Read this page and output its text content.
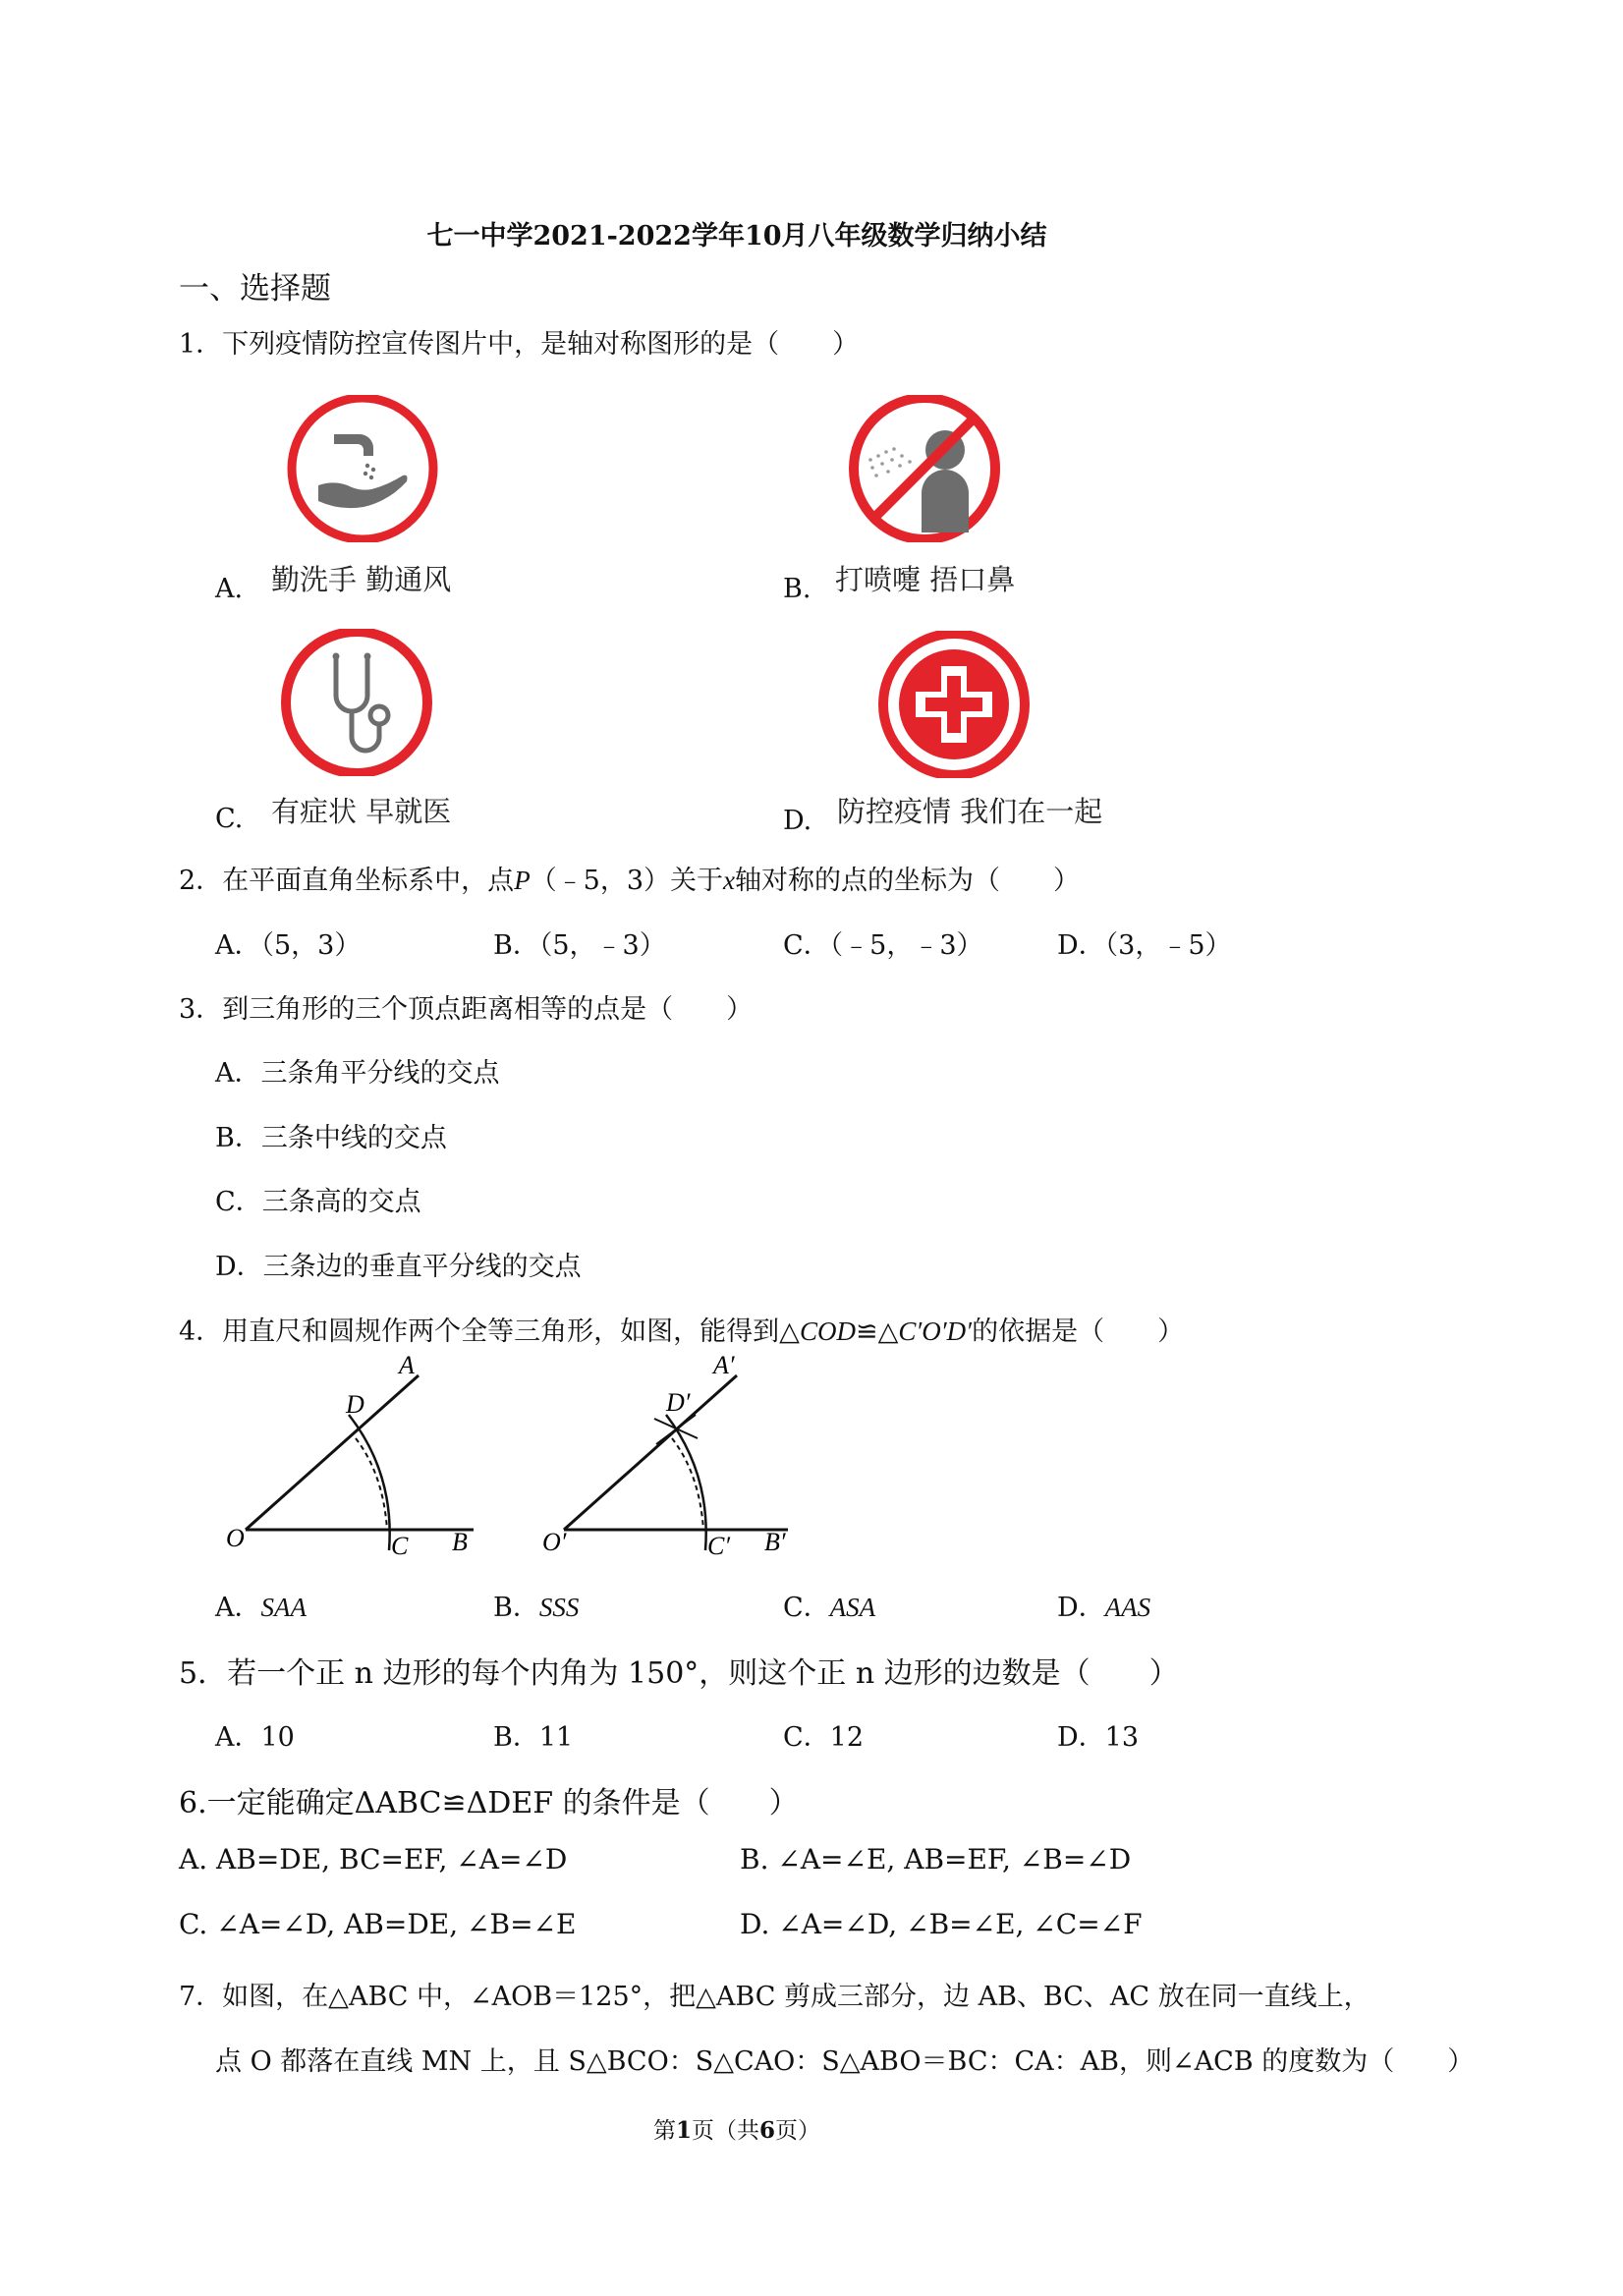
七一中学2021-2022学年10月八年级数学归纳小结
一、选择题
1．下列疫情防控宣传图片中，是轴对称图形的是（　　）
A. 勤洗手 勤通风	B. 打喷嚏 捂口鼻
C. 有症状 早就医	D. 防控疫情 我们在一起
2．在平面直角坐标系中，点P（﹣5，3）关于x轴对称的点的坐标为（　　）
A．（5，3）	B．（5，﹣3）	C．（﹣5，﹣3）	D．（3，﹣5）
3．到三角形的三个顶点距离相等的点是（　　）
A．三条角平分线的交点
B．三条中线的交点
C．三条高的交点
D．三条边的垂直平分线的交点
4．用直尺和圆规作两个全等三角形，如图，能得到△COD≌△C′O′D′的依据是（　　）
O
A
B
C
D
O′
A′
B′
C′
D′
A．SAA	B．SSS	C．ASA	D．AAS
5．若一个正 n 边形的每个内角为 150°，则这个正 n 边形的边数是（　　）
A．10	B．11	C．12	D．13
6.一定能确定ΔABC≌ΔDEF 的条件是（　　）
A. AB=DE, BC=EF, ∠A=∠D	B. ∠A=∠E, AB=EF, ∠B=∠D
C. ∠A=∠D, AB=DE, ∠B=∠E	D. ∠A=∠D, ∠B=∠E, ∠C=∠F
7．如图，在△ABC 中，∠AOB＝125°，把△ABC 剪成三部分，边 AB、BC、AC 放在同一直线上，
点 O 都落在直线 MN 上，且 S△BCO：S△CAO：S△ABO＝BC：CA：AB，则∠ACB 的度数为（　　）
第1页（共6页）
